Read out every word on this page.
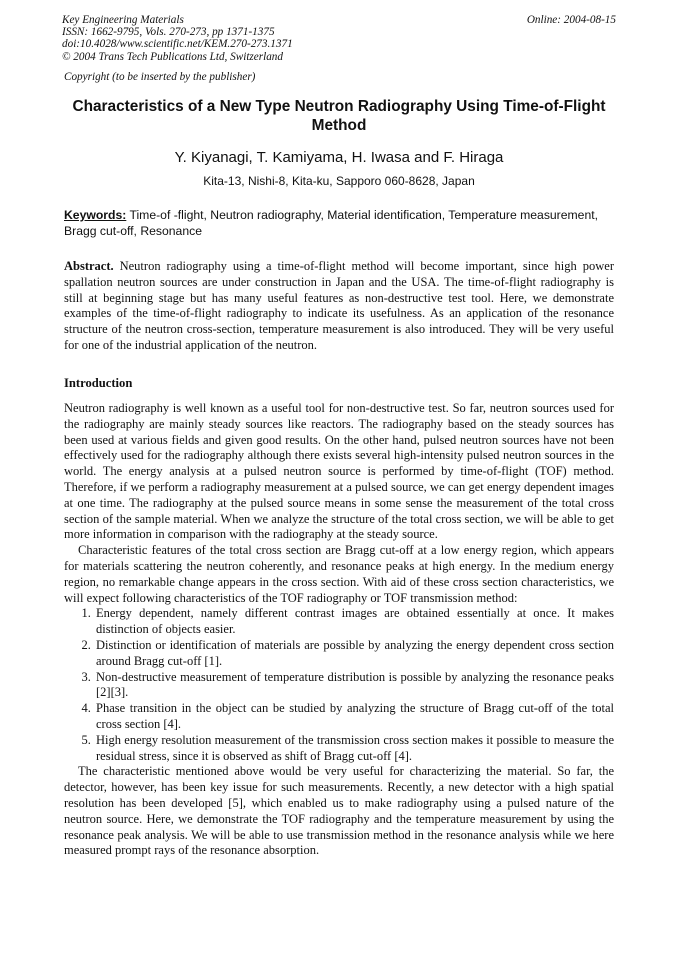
Key Engineering Materials
ISSN: 1662-9795, Vols. 270-273, pp 1371-1375
doi:10.4028/www.scientific.net/KEM.270-273.1371
© 2004 Trans Tech Publications Ltd, Switzerland
Online: 2004-08-15
Copyright (to be inserted by the publisher)
Characteristics of a New Type Neutron Radiography Using Time-of-Flight Method
Y. Kiyanagi, T. Kamiyama, H. Iwasa and F. Hiraga
Kita-13, Nishi-8, Kita-ku, Sapporo 060-8628, Japan
Keywords: Time-of -flight, Neutron radiography, Material identification, Temperature measurement, Bragg cut-off, Resonance
Abstract. Neutron radiography using a time-of-flight method will become important, since high power spallation neutron sources are under construction in Japan and the USA. The time-of-flight radiography is still at beginning stage but has many useful features as non-destructive test tool. Here, we demonstrate examples of the time-of-flight radiography to indicate its usefulness. As an application of the resonance structure of the neutron cross-section, temperature measurement is also introduced. They will be very useful for one of the industrial application of the neutron.
Introduction

Neutron radiography is well known as a useful tool for non-destructive test. So far, neutron sources used for the radiography are mainly steady sources like reactors. The radiography based on the steady sources has been used at various fields and given good results. On the other hand, pulsed neutron sources have not been effectively used for the radiography although there exists several high-intensity pulsed neutron sources in the world. The energy analysis at a pulsed neutron source is performed by time-of-flight (TOF) method. Therefore, if we perform a radiography measurement at a pulsed source, we can get energy dependent images at one time. The radiography at the pulsed source means in some sense the measurement of the total cross section of the sample material. When we analyze the structure of the total cross section, we will be able to get more information in comparison with the radiography at the steady source.

Characteristic features of the total cross section are Bragg cut-off at a low energy region, which appears for materials scattering the neutron coherently, and resonance peaks at high energy. In the medium energy region, no remarkable change appears in the cross section. With aid of these cross section characteristics, we will expect following characteristics of the TOF radiography or TOF transmission method:

1. Energy dependent, namely different contrast images are obtained essentially at once. It makes distinction of objects easier.
2. Distinction or identification of materials are possible by analyzing the energy dependent cross section around Bragg cut-off [1].
3. Non-destructive measurement of temperature distribution is possible by analyzing the resonance peaks [2][3].
4. Phase transition in the object can be studied by analyzing the structure of Bragg cut-off of the total cross section [4].
5. High energy resolution measurement of the transmission cross section makes it possible to measure the residual stress, since it is observed as shift of Bragg cut-off [4].

The characteristic mentioned above would be very useful for characterizing the material. So far, the detector, however, has been key issue for such measurements. Recently, a new detector with a high spatial resolution has been developed [5], which enabled us to make radiography using a pulsed nature of the neutron source. Here, we demonstrate the TOF radiography and the temperature measurement by using the resonance peak analysis. We will be able to use transmission method in the resonance analysis while we here measured prompt rays of the resonance absorption.
